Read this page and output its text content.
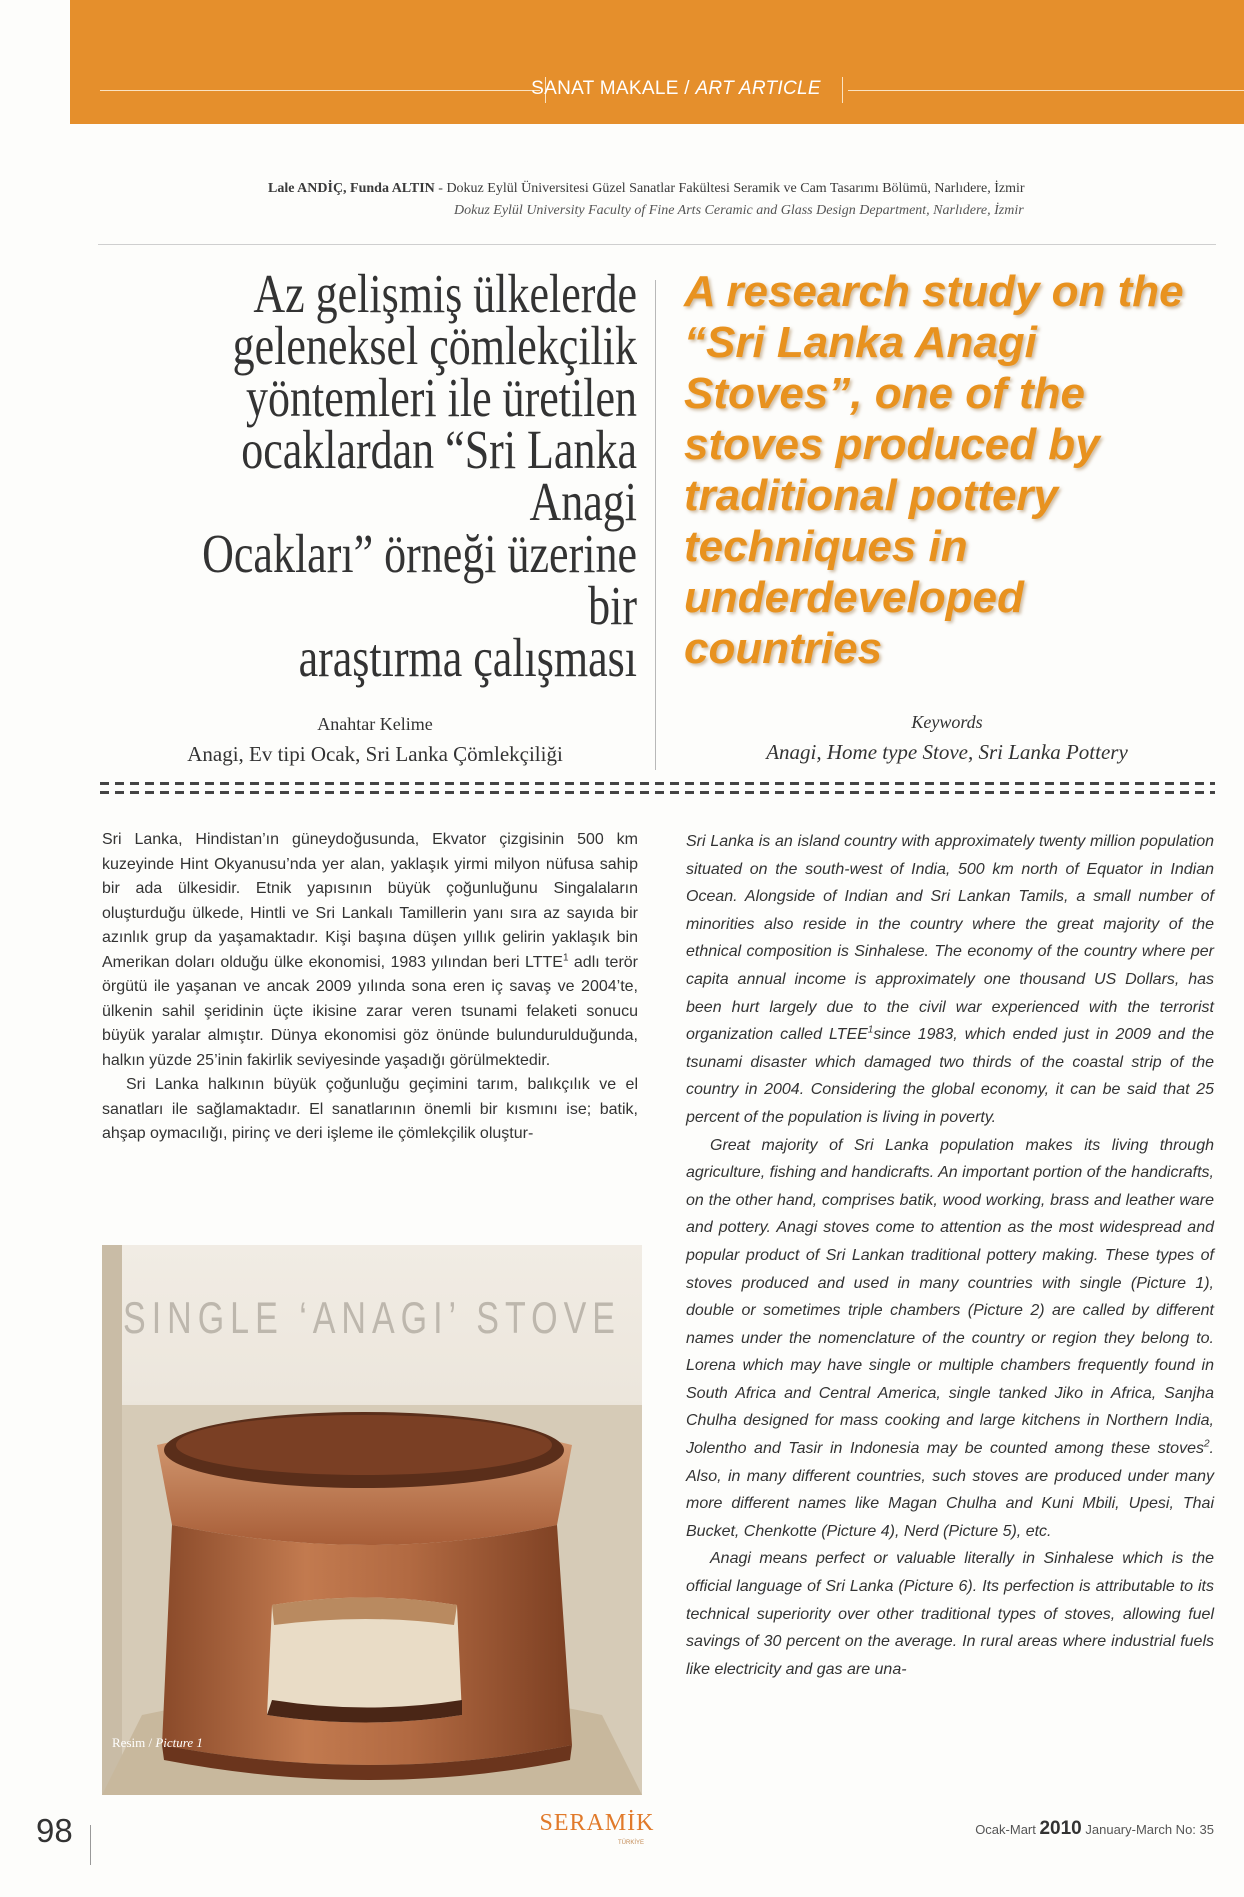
SANAT MAKALE / ART ARTICLE
Lale ANDİÇ, Funda ALTIN - Dokuz Eylül Üniversitesi Güzel Sanatlar Fakültesi Seramik ve Cam Tasarımı Bölümü, Narlıdere, İzmir
Dokuz Eylül University Faculty of Fine Arts Ceramic and Glass Design Department, Narlıdere, İzmir
Az gelişmiş ülkelerde
geleneksel çömlekçilik
yöntemleri ile üretilen
ocaklardan “Sri Lanka Anagi
Ocakları” örneği üzerine bir
araştırma çalışması
A research study on the
“Sri Lanka Anagi
Stoves”, one of the
stoves produced by
traditional pottery
techniques in
underdeveloped
countries
Anahtar Kelime
Anagi, Ev tipi Ocak, Sri Lanka Çömlekçiliği
Keywords
Anagi, Home type Stove, Sri Lanka Pottery

Sri Lanka, Hindistan’ın güneydoğusunda, Ekvator çizgisinin 500 km kuzeyinde Hint Okyanusu’nda yer alan, yaklaşık yirmi milyon nüfusa sahip bir ada ülkesidir. Etnik yapısının büyük çoğunluğunu Singalaların oluşturduğu ülkede, Hintli ve Sri Lankalı Tamillerin yanı sıra az sayıda bir azınlık grup da yaşamaktadır. Kişi başına düşen yıllık gelirin yaklaşık bin Amerikan doları olduğu ülke ekonomisi, 1983 yılından beri LTTE$^1$ adlı terör örgütü ile yaşanan ve ancak 2009 yılında sona eren iç savaş ve 2004’te, ülkenin sahil şeridinin üçte ikisine zarar veren tsunami felaketi sonucu büyük yaralar almıştır. Dünya ekonomisi göz önünde bulundurulduğunda, halkın yüzde 25’inin fakirlik seviyesinde yaşadığı görülmektedir.

Sri Lanka halkının büyük çoğunluğu geçimini tarım, balıkçılık ve el sanatları ile sağlamaktadır. El sanatlarının önemli bir kısmını ise; batik, ahşap oymacılığı, pirinç ve deri işleme ile çömlekçilik oluştur-

Sri Lanka is an island country with approximately twenty million population situated on the south-west of India, 500 km north of Equator in Indian Ocean. Alongside of Indian and Sri Lankan Tamils, a small number of minorities also reside in the country where the great majority of the ethnical composition is Sinhalese. The economy of the country where per capita annual income is approximately one thousand US Dollars, has been hurt largely due to the civil war experienced with the terrorist organization called LTEE$^1$since 1983, which ended just in 2009 and the tsunami disaster which damaged two thirds of the coastal strip of the country in 2004. Considering the global economy, it can be said that 25 percent of the population is living in poverty.

Great majority of Sri Lanka population makes its living through agriculture, fishing and handicrafts. An important portion of the handicrafts, on the other hand, comprises batik, wood working, brass and leather ware and pottery. Anagi stoves come to attention as the most widespread and popular product of Sri Lankan traditional pottery making. These types of stoves produced and used in many countries with single (Picture 1), double or sometimes triple chambers (Picture 2) are called by different names under the nomenclature of the country or region they belong to. Lorena which may have single or multiple chambers frequently found in South Africa and Central America, single tanked Jiko in Africa, Sanjha Chulha designed for mass cooking and large kitchens in Northern India, Jolentho and Tasir in Indonesia may be counted among these stoves$^2$. Also, in many different countries, such stoves are produced under many more different names like Magan Chulha and Kuni Mbili, Upesi, Thai Bucket, Chenkotte (Picture 4), Nerd (Picture 5), etc.

Anagi means perfect or valuable literally in Sinhalese which is the official language of Sri Lanka (Picture 6). Its perfection is attributable to its technical superiority over other traditional types of stoves, allowing fuel savings of 30 percent on the average. In rural areas where industrial fuels like electricity and gas are una-

SINGLE ‘ANAGI’ STOVE
Resim / Picture 1
98	SERAMİK
TÜRKİYE
Ocak-Mart 2010 January-March No: 35
